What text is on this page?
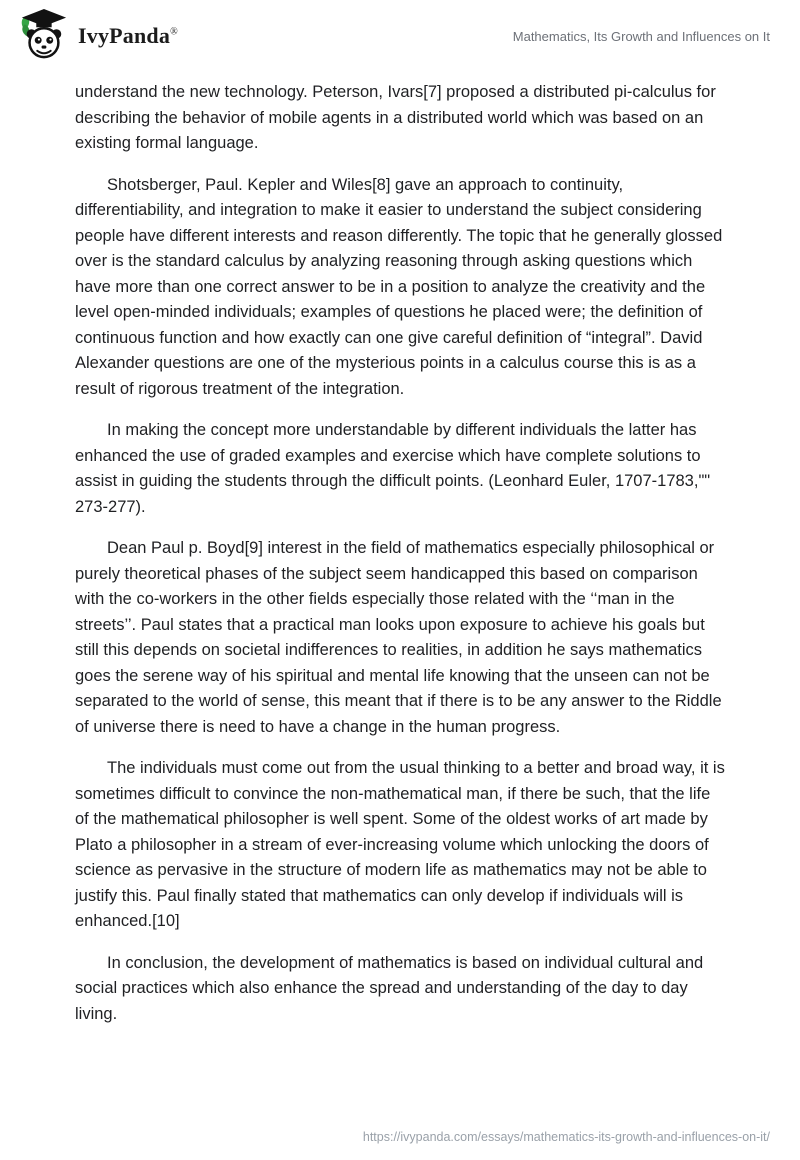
IvyPanda®	Mathematics, Its Growth and Influences on It

understand the new technology. Peterson, Ivars[7] proposed a distributed pi-calculus for describing the behavior of mobile agents in a distributed world which was based on an existing formal language.

Shotsberger, Paul. Kepler and Wiles[8] gave an approach to continuity, differentiability, and integration to make it easier to understand the subject considering people have different interests and reason differently. The topic that he generally glossed over is the standard calculus by analyzing reasoning through asking questions which have more than one correct answer to be in a position to analyze the creativity and the level open-minded individuals; examples of questions he placed were; the definition of continuous function and how exactly can one give careful definition of “integral”. David Alexander questions are one of the mysterious points in a calculus course this is as a result of rigorous treatment of the integration.

In making the concept more understandable by different individuals the latter has enhanced the use of graded examples and exercise which have complete solutions to assist in guiding the students through the difficult points. (Leonhard Euler, 1707-1783,"" 273-277).

Dean Paul p. Boyd[9] interest in the field of mathematics especially philosophical or purely theoretical phases of the subject seem handicapped this based on comparison with the co-workers in the other fields especially those related with the ‘‘man in the streets’’. Paul states that a practical man looks upon exposure to achieve his goals but still this depends on societal indifferences to realities, in addition he says mathematics goes the serene way of his spiritual and mental life knowing that the unseen can not be separated to the world of sense, this meant that if there is to be any answer to the Riddle of universe there is need to have a change in the human progress.

The individuals must come out from the usual thinking to a better and broad way, it is sometimes difficult to convince the non-mathematical man, if there be such, that the life of the mathematical philosopher is well spent. Some of the oldest works of art made by Plato a philosopher in a stream of ever-increasing volume which unlocking the doors of science as pervasive in the structure of modern life as mathematics may not be able to justify this. Paul finally stated that mathematics can only develop if individuals will is enhanced.[10]

In conclusion, the development of mathematics is based on individual cultural and social practices which also enhance the spread and understanding of the day to day living.

https://ivypanda.com/essays/mathematics-its-growth-and-influences-on-it/
